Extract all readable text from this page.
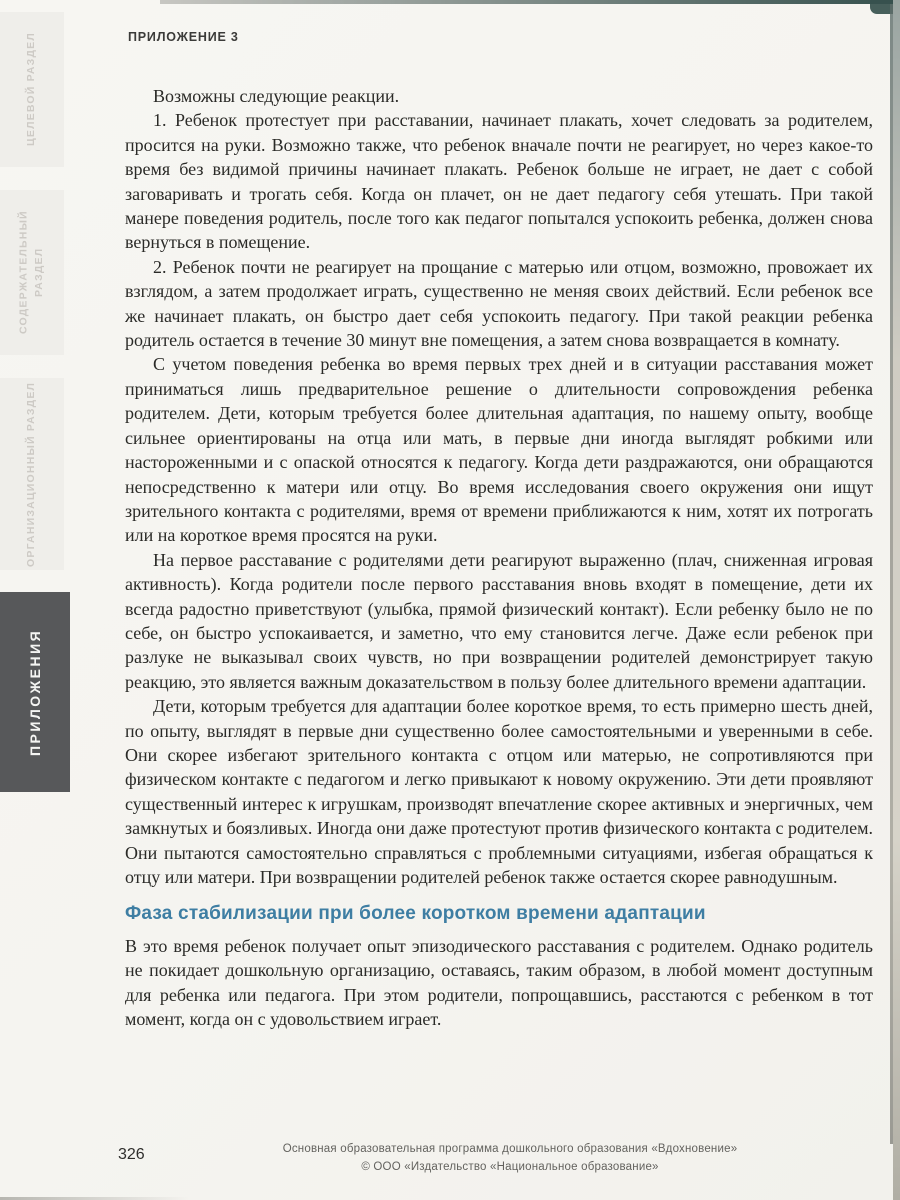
ЦЕЛЕВОЙ РАЗДЕЛ
СОДЕРЖАТЕЛЬНЫЙ РАЗДЕЛ
ОРГАНИЗАЦИОННЫЙ РАЗДЕЛ
ПРИЛОЖЕНИЯ
ПРИЛОЖЕНИЕ 3

Возможны следующие реакции.

1. Ребенок протестует при расставании, начинает плакать, хочет следовать за родителем, просится на руки. Возможно также, что ребенок вначале почти не реагирует, но через какое-то время без видимой причины начинает плакать. Ребенок больше не играет, не дает с собой заговаривать и трогать себя. Когда он плачет, он не дает педагогу себя утешать. При такой манере поведения родитель, после того как педагог попытался успокоить ребенка, должен снова вернуться в помещение.

2. Ребенок почти не реагирует на прощание с матерью или отцом, возможно, провожает их взглядом, а затем продолжает играть, существенно не меняя своих действий. Если ребенок все же начинает плакать, он быстро дает себя успокоить педагогу. При такой реакции ребенка родитель остается в течение 30 минут вне помещения, а затем снова возвращается в комнату.

С учетом поведения ребенка во время первых трех дней и в ситуации расставания может приниматься лишь предварительное решение о длительности сопровождения ребенка родителем. Дети, которым требуется более длительная адаптация, по нашему опыту, вообще сильнее ориентированы на отца или мать, в первые дни иногда выглядят робкими или настороженными и с опаской относятся к педагогу. Когда дети раздражаются, они обращаются непосредственно к матери или отцу. Во время исследования своего окружения они ищут зрительного контакта с родителями, время от времени приближаются к ним, хотят их потрогать или на короткое время просятся на руки.

На первое расставание с родителями дети реагируют выраженно (плач, сниженная игровая активность). Когда родители после первого расставания вновь входят в помещение, дети их всегда радостно приветствуют (улыбка, прямой физический контакт). Если ребенку было не по себе, он быстро успокаивается, и заметно, что ему становится легче. Даже если ребенок при разлуке не выказывал своих чувств, но при возвращении родителей демонстрирует такую реакцию, это является важным доказательством в пользу более длительного времени адаптации.

Дети, которым требуется для адаптации более короткое время, то есть примерно шесть дней, по опыту, выглядят в первые дни существенно более самостоятельными и уверенными в себе. Они скорее избегают зрительного контакта с отцом или матерью, не сопротивляются при физическом контакте с педагогом и легко привыкают к новому окружению. Эти дети проявляют существенный интерес к игрушкам, производят впечатление скорее активных и энергичных, чем замкнутых и боязливых. Иногда они даже протестуют против физического контакта с родителем. Они пытаются самостоятельно справляться с проблемными ситуациями, избегая обращаться к отцу или матери. При возвращении родителей ребенок также остается скорее равнодушным.

Фаза стабилизации при более коротком времени адаптации

В это время ребенок получает опыт эпизодического расставания с родителем. Однако родитель не покидает дошкольную организацию, оставаясь, таким образом, в любой момент доступным для ребенка или педагога. При этом родители, попрощавшись, расстаются с ребенком в тот момент, когда он с удовольствием играет.

326	Основная образовательная программа дошкольного образования «Вдохновение»
© ООО «Издательство «Национальное образование»
